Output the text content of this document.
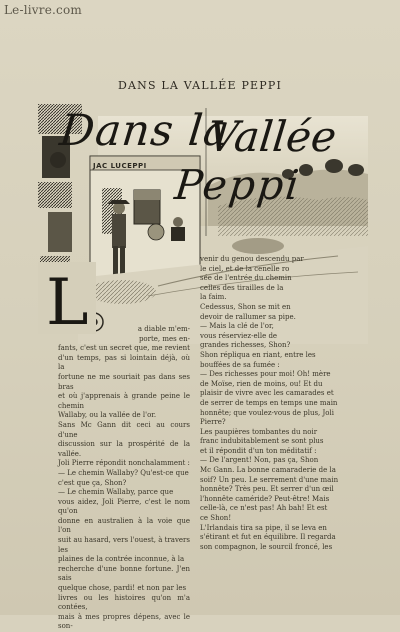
Le-livre.com
DANS LA VALLÉE PEPPI
JAC LUCEPPI
Dans la
Vallée
Peppi
L

venir du genou descendu par

le ciel, et de la cenelle ro

sée de l'entrée du chemin

celles des tirailles de la

la faim.

Cedessus, Shon se mit en

devoir de rallumer sa pipe.

— Mais la clé de l'or,

vous réserviez-elle de

grandes richesses, Shon?

Shon répliqua en riant, entre les

bouffées de sa fumée :

— Des richesses pour moi! Oh! mère

de Moïse, rien de moins, ou! Et du

plaisir de vivre avec les camarades et

de serrer de temps en temps une main

honnête; que voulez-vous de plus, Joli

Pierre?

Les paupières tombantes du noir

franc indubitablement se sont plus

et il répondit d'un ton méditatif :

— De l'argent! Non, pas ça, Shon

Mc Gann. La bonne camaraderie de la

soif? Un peu. Le serrement d'une main

honnête? Très peu. Et serrer d'un œil

l'honnête caméride? Peut-être! Mais

celle-là, ce n'est pas! Ah bah! Et est

ce Shon!

L'Irlandais tira sa pipe, il se leva en

s'étirant et fut en équilibre. Il regarda

son compagnon, le sourcil froncé, les

a diable m'em-

porte, mes en-

fants, c'est un secret que, me revient

d'un temps, pas si lointain déjà, où la

fortune ne me souriait pas dans ses bras

et où j'apprenais à grande peine le chemin

Wallaby, ou la vallée de l'or.

Sans Mc Gann dit ceci au cours d'une

discussion sur la prospérité de la vallée.

Joli Pierre répondit nonchalamment :

— Le chemin Wallaby? Qu'est-ce que

c'est que ça, Shon?

— Le chemin Wallaby, parce que

vous aidez, Joli Pierre, c'est le nom qu'on

donne en australien à la voie que l'on

suit au hasard, vers l'ouest, à travers les

plaines de la contrée inconnue, à la

recherche d'une bonne fortune. J'en sais

quelque chose, pardi! et non par les

livres ou les histoires qu'on m'a contées,

mais à mes propres dépens, avec le son-
